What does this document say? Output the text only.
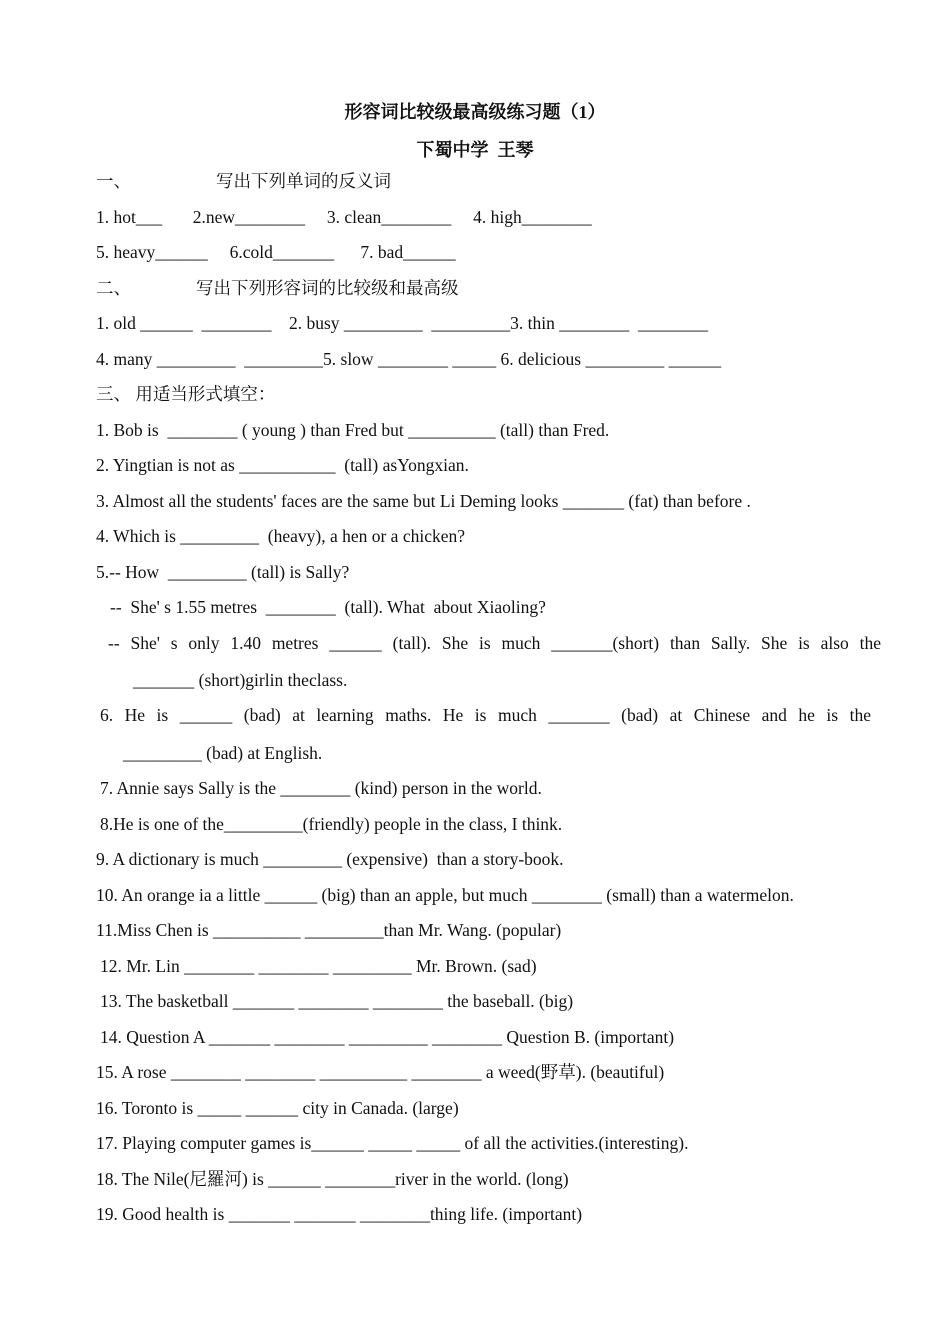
形容词比较级最高级练习题（1）
下蜀中学  王琴
一、	写出下列单词的反义词
1. hot___       2.new________     3. clean________     4. high________
5. heavy______     6.cold_______      7. bad______
二、	写出下列形容词的比较级和最高级
1. old ______  ________    2. busy _________  _________3. thin ________  ________
4. many _________  _________5. slow ________ _____ 6. delicious _________ ______
三、 用适当形式填空：
1. Bob is  ________ ( young ) than Fred but __________ (tall) than Fred.
2. Yingtian is not as ___________  (tall) asYongxian.
3. Almost all the students' faces are the same but Li Deming looks _______ (fat) than before .
4. Which is _________  (heavy), a hen or a chicken?
5.-- How  _________ (tall) is Sally?
--  She' s 1.55 metres  ________  (tall). What  about Xiaoling?
-- She' s only 1.40 metres ______ (tall). She is much _______(short) than Sally. She is also the
_______ (short)girlin theclass.
6. He is ______ (bad) at learning maths. He is much _______ (bad) at Chinese and he is the
_________ (bad) at English.
7. Annie says Sally is the ________ (kind) person in the world.
8.He is one of the_________(friendly) people in the class, I think.
9. A dictionary is much _________ (expensive)  than a story-book.
10. An orange ia a little ______ (big) than an apple, but much ________ (small) than a watermelon.
11.Miss Chen is __________ _________than Mr. Wang. (popular)
12. Mr. Lin ________ ________ _________ Mr. Brown. (sad)
13. The basketball _______ ________ ________ the baseball. (big)
14. Question A _______ ________ _________ ________ Question B. (important)
15. A rose ________ ________ __________ ________ a weed(野草). (beautiful)
16. Toronto is _____ ______ city in Canada. (large)
17. Playing computer games is______ _____ _____ of all the activities.(interesting).
18. The Nile(尼羅河) is ______ ________river in the world. (long)
19. Good health is _______ _______ ________thing life. (important)
